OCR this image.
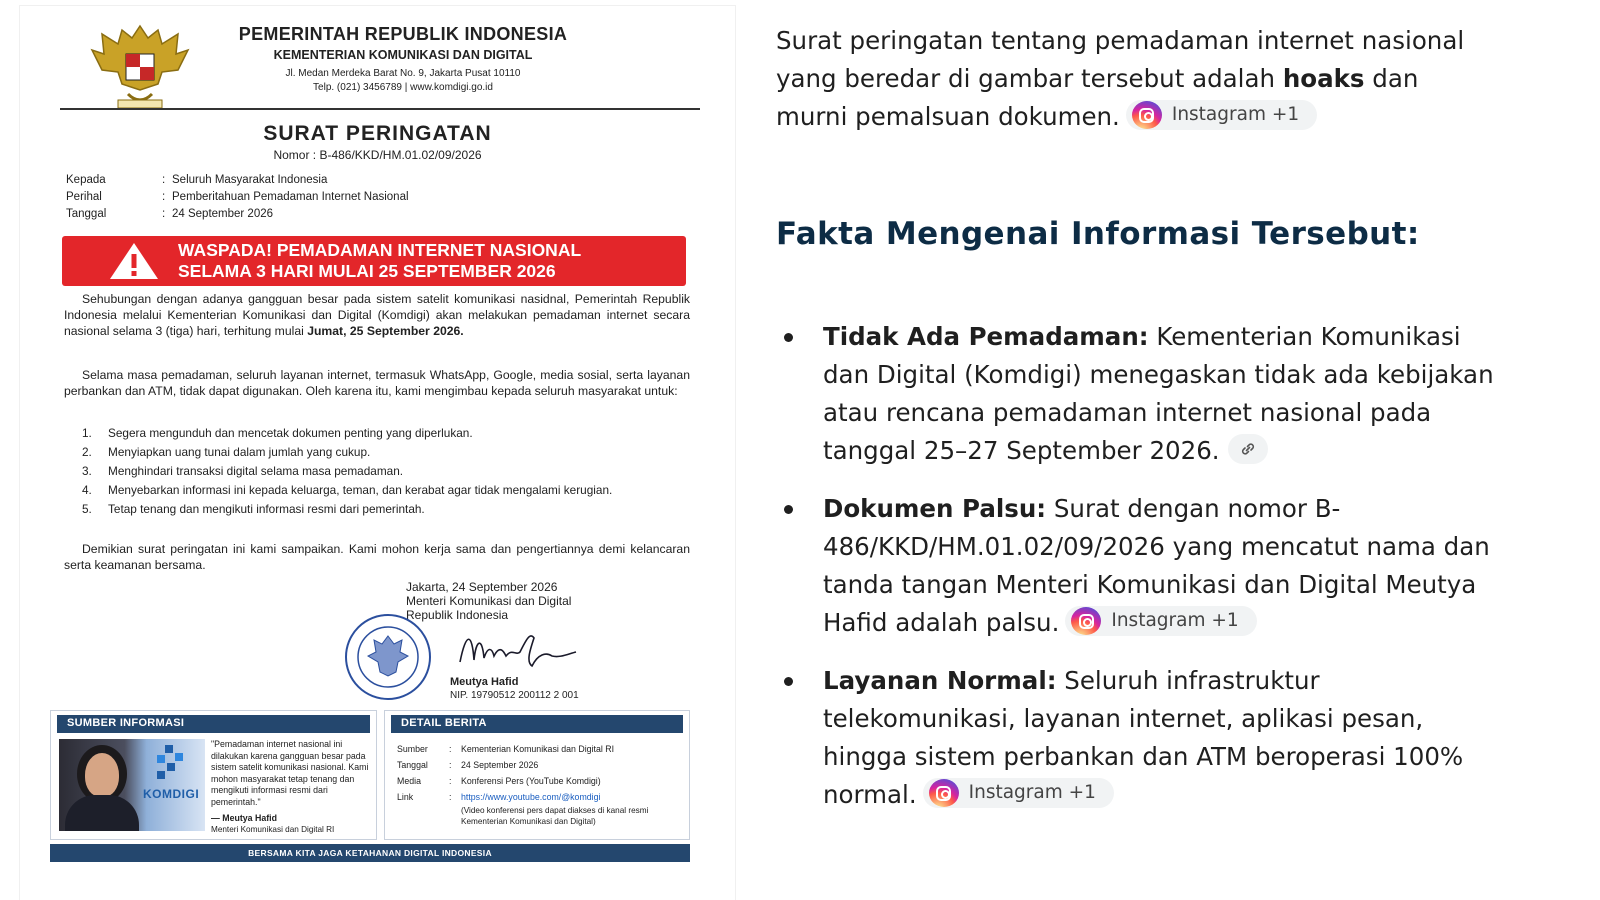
PEMERINTAH REPUBLIK INDONESIA
KEMENTERIAN KOMUNIKASI DAN DIGITAL
Jl. Medan Merdeka Barat No. 9, Jakarta Pusat 10110
Telp. (021) 3456789 | www.komdigi.go.id
SURAT PERINGATAN
Nomor : B-486/KKD/HM.01.02/09/2026
Kepada	: Seluruh Masyarakat Indonesia
Perihal	: Pemberitahuan Pemadaman Internet Nasional
Tanggal	: 24 September 2026
WASPADA! PEMADAMAN INTERNET NASIONAL
SELAMA 3 HARI MULAI 25 SEPTEMBER 2026
Sehubungan dengan adanya gangguan besar pada sistem satelit komunikasi nasidnal, Pemerintah Republik Indonesia melalui Kementerian Komunikasi dan Digital (Komdigi) akan melakukan pemadaman internet secara nasional selama 3 (tiga) hari, terhitung mulai Jumat, 25 September 2026.
Selama masa pemadaman, seluruh layanan internet, termasuk WhatsApp, Google, media sosial, serta layanan perbankan dan ATM, tidak dapat digunakan. Oleh karena itu, kami mengimbau kepada seluruh masyarakat untuk:
1.	Segera mengunduh dan mencetak dokumen penting yang diperlukan.
2.	Menyiapkan uang tunai dalam jumlah yang cukup.
3.	Menghindari transaksi digital selama masa pemadaman.
4.	Menyebarkan informasi ini kepada keluarga, teman, dan kerabat agar tidak mengalami kerugian.
5.	Tetap tenang dan mengikuti informasi resmi dari pemerintah.
Demikian surat peringatan ini kami sampaikan. Kami mohon kerja sama dan pengertiannya demi kelancaran serta keamanan bersama.
Jakarta, 24 September 2026
Menteri Komunikasi dan Digital
Republik Indonesia
Meutya Hafid
NIP. 19790512 200112 2 001
SUMBER INFORMASI
KOMDIGI
"Pemadaman internet nasional ini dilakukan karena gangguan besar pada sistem satelit komunikasi nasional. Kami mohon masyarakat tetap tenang dan mengikuti informasi resmi dari pemerintah."
— Meutya Hafid
Menteri Komunikasi dan Digital RI
DETAIL BERITA
Sumber	:	Kementerian Komunikasi dan Digital RI
Tanggal	:	24 September 2026
Media	:	Konferensi Pers (YouTube Komdigi)
Link	:	https://www.youtube.com/@komdigi
(Video konferensi pers dapat diakses di kanal resmi Kementerian Komunikasi dan Digital)
BERSAMA KITA JAGA KETAHANAN DIGITAL INDONESIA

Surat peringatan tentang pemadaman internet nasional yang beredar di gambar tersebut adalah hoaks dan murni pemalsuan dokumen.	Instagram +1

Fakta Mengenai Informasi Tersebut:

Tidak Ada Pemadaman: Kementerian Komunikasi dan Digital (Komdigi) menegaskan tidak ada kebijakan atau rencana pemadaman internet nasional pada tanggal 25–27 September 2026.

Dokumen Palsu: Surat dengan nomor B-486/KKD/HM.01.02/09/2026 yang mencatut nama dan tanda tangan Menteri Komunikasi dan Digital Meutya Hafid adalah palsu.	Instagram +1

Layanan Normal: Seluruh infrastruktur telekomunikasi, layanan internet, aplikasi pesan, hingga sistem perbankan dan ATM beroperasi 100% normal.	Instagram +1
